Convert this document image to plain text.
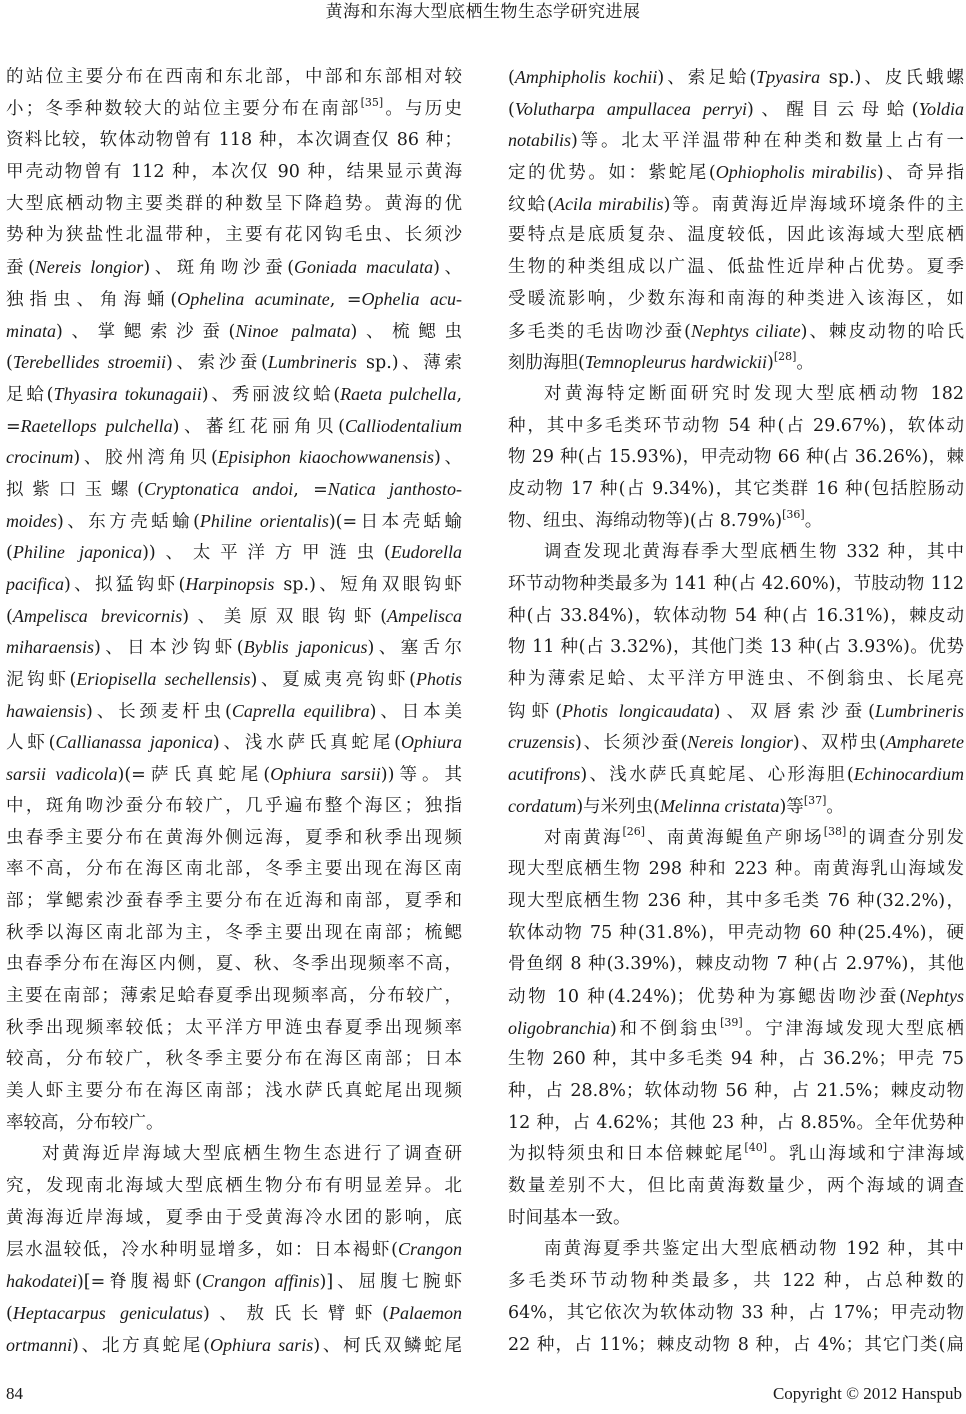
黄海和东海大型底栖生物生态学研究进展
的站位主要分布在西南和东北部，中部和东部相对较
小；冬季种数较大的站位主要分布在南部[35]。与历史
资料比较，软体动物曾有 118 种，本次调查仅 86 种；
甲壳动物曾有 112 种，本次仅 90 种，结果显示黄海
大型底栖动物主要类群的种数呈下降趋势。黄海的优
势种为狭盐性北温带种，主要有花冈钩毛虫、长须沙
蚕(Nereis longior)、斑角吻沙蚕(Goniada maculata)、
独指虫、角海蛹(Ophelina acuminate, =Ophelia acu-
minata)、掌鳃索沙蚕(Ninoe palmata)、梳鳃虫
(Terebellides stroemii)、索沙蚕(Lumbrineris sp.)、薄索
足蛤(Thyasira tokunagaii)、秀丽波纹蛤(Raeta pulchella,
=Raetellops pulchella)、蕃红花丽角贝(Calliodentalium
crocinum)、胶州湾角贝(Episiphon kiaochowwanensis)、
拟紫口玉螺(Cryptonatica andoi, =Natica janthosto-
moides)、东方壳蛞蝓(Philine orientalis)(=日本壳蛞蝓
(Philine japonica))、太平洋方甲涟虫(Eudorella
pacifica)、拟猛钩虾(Harpinopsis sp.)、短角双眼钩虾
(Ampelisca brevicornis)、美原双眼钩虾(Ampelisca
miharaensis)、日本沙钩虾(Byblis japonicus)、塞舌尔
泥钩虾(Eriopisella sechellensis)、夏威夷亮钩虾(Photis
hawaiensis)、长颈麦杆虫(Caprella equilibra)、日本美
人虾(Callianassa japonica)、浅水萨氏真蛇尾(Ophiura
sarsii vadicola)(=萨氏真蛇尾(Ophiura sarsii))等。其
中，斑角吻沙蚕分布较广，几乎遍布整个海区；独指
虫春季主要分布在黄海外侧远海，夏季和秋季出现频
率不高，分布在海区南北部，冬季主要出现在海区南
部；掌鳃索沙蚕春季主要分布在近海和南部，夏季和
秋季以海区南北部为主，冬季主要出现在南部；梳鳃
虫春季分布在海区内侧，夏、秋、冬季出现频率不高，
主要在南部；薄索足蛤春夏季出现频率高，分布较广，
秋季出现频率较低；太平洋方甲涟虫春夏季出现频率
较高，分布较广，秋冬季主要分布在海区南部；日本
美人虾主要分布在海区南部；浅水萨氏真蛇尾出现频
率较高，分布较广。
对黄海近岸海域大型底栖生物生态进行了调查研
究，发现南北海域大型底栖生物分布有明显差异。北
黄海海近岸海域，夏季由于受黄海冷水团的影响，底
层水温较低，冷水种明显增多，如：日本褐虾(Crangon
hakodatei)[=脊腹褐虾(Crangon affinis)]、屈腹七腕虾
(Heptacarpus geniculatus)、敖氏长臂虾(Palaemon
ortmanni)、北方真蛇尾(Ophiura saris)、柯氏双鳞蛇尾
(Amphipholis kochii)、索足蛤(Tpyasira sp.)、皮氏蛾螺
(Volutharpa ampullacea perryi)、醒目云母蛤(Yoldia
notabilis)等。北太平洋温带种在种类和数量上占有一
定的优势。如：紫蛇尾(Ophiopholis mirabilis)、奇异指
纹蛤(Acila mirabilis)等。南黄海近岸海域环境条件的主
要特点是底质复杂、温度较低，因此该海域大型底栖
生物的种类组成以广温、低盐性近岸种占优势。夏季
受暖流影响，少数东海和南海的种类进入该海区，如
多毛类的毛齿吻沙蚕(Nephtys ciliate)、棘皮动物的哈氏
刻肋海胆(Temnopleurus hardwickii)[28]。
对黄海特定断面研究时发现大型底栖动物 182
种，其中多毛类环节动物 54 种(占 29.67%)，软体动
物 29 种(占 15.93%)，甲壳动物 66 种(占 36.26%)，棘
皮动物 17 种(占 9.34%)，其它类群 16 种(包括腔肠动
物、纽虫、海绵动物等)(占 8.79%)[36]。
调查发现北黄海春季大型底栖生物 332 种，其中
环节动物种类最多为 141 种(占 42.60%)，节肢动物 112
种(占 33.84%)，软体动物 54 种(占 16.31%)，棘皮动
物 11 种(占 3.32%)，其他门类 13 种(占 3.93%)。优势
种为薄索足蛤、太平洋方甲涟虫、不倒翁虫、长尾亮
钩虾(Photis longicaudata)、双唇索沙蚕(Lumbrineris
cruzensis)、长须沙蚕(Nereis longior)、双栉虫(Ampharete
acutifrons)、浅水萨氏真蛇尾、心形海胆(Echinocardium
cordatum)与米列虫(Melinna cristata)等[37]。
对南黄海[26]、南黄海鳀鱼产卵场[38]的调查分别发
现大型底栖生物 298 种和 223 种。南黄海乳山海域发
现大型底栖生物 236 种，其中多毛类 76 种(32.2%)，
软体动物 75 种(31.8%)，甲壳动物 60 种(25.4%)，硬
骨鱼纲 8 种(3.39%)，棘皮动物 7 种(占 2.97%)，其他
动物 10 种(4.24%)；优势种为寡鳃齿吻沙蚕(Nephtys
oligobranchia)和不倒翁虫[39]。宁津海域发现大型底栖
生物 260 种，其中多毛类 94 种，占 36.2%；甲壳 75
种，占 28.8%；软体动物 56 种，占 21.5%；棘皮动物
12 种，占 4.62%；其他 23 种，占 8.85%。全年优势种
为拟特须虫和日本倍棘蛇尾[40]。乳山海域和宁津海域
数量差别不大，但比南黄海数量少，两个海域的调查
时间基本一致。
南黄海夏季共鉴定出大型底栖动物 192 种，其中
多毛类环节动物种类最多，共 122 种，占总种数的
64%，其它依次为软体动物 33 种，占 17%；甲壳动物
22 种，占 11%；棘皮动物 8 种，占 4%；其它门类(扁
84	Copyright © 2012 Hanspub
